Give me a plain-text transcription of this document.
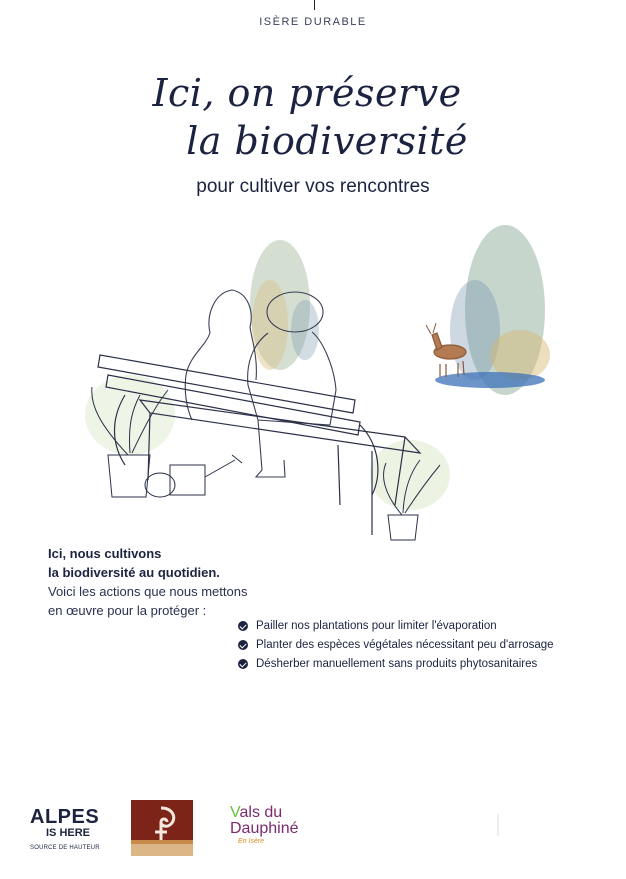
ISÈRE DURABLE
Ici, on préserve
la biodiversité
pour cultiver vos rencontres
Ici, nous cultivons
la biodiversité au quotidien.
Voici les actions que nous mettons
en œuvre pour la protéger :
Pailler nos plantations pour limiter l'évaporation
Planter des espèces végétales nécessitant peu d'arrosage
Désherber manuellement sans produits phytosanitaires
ALPES
IS HERE
SOURCE DE HAUTEUR
Vals du
Dauphiné
En Isère
